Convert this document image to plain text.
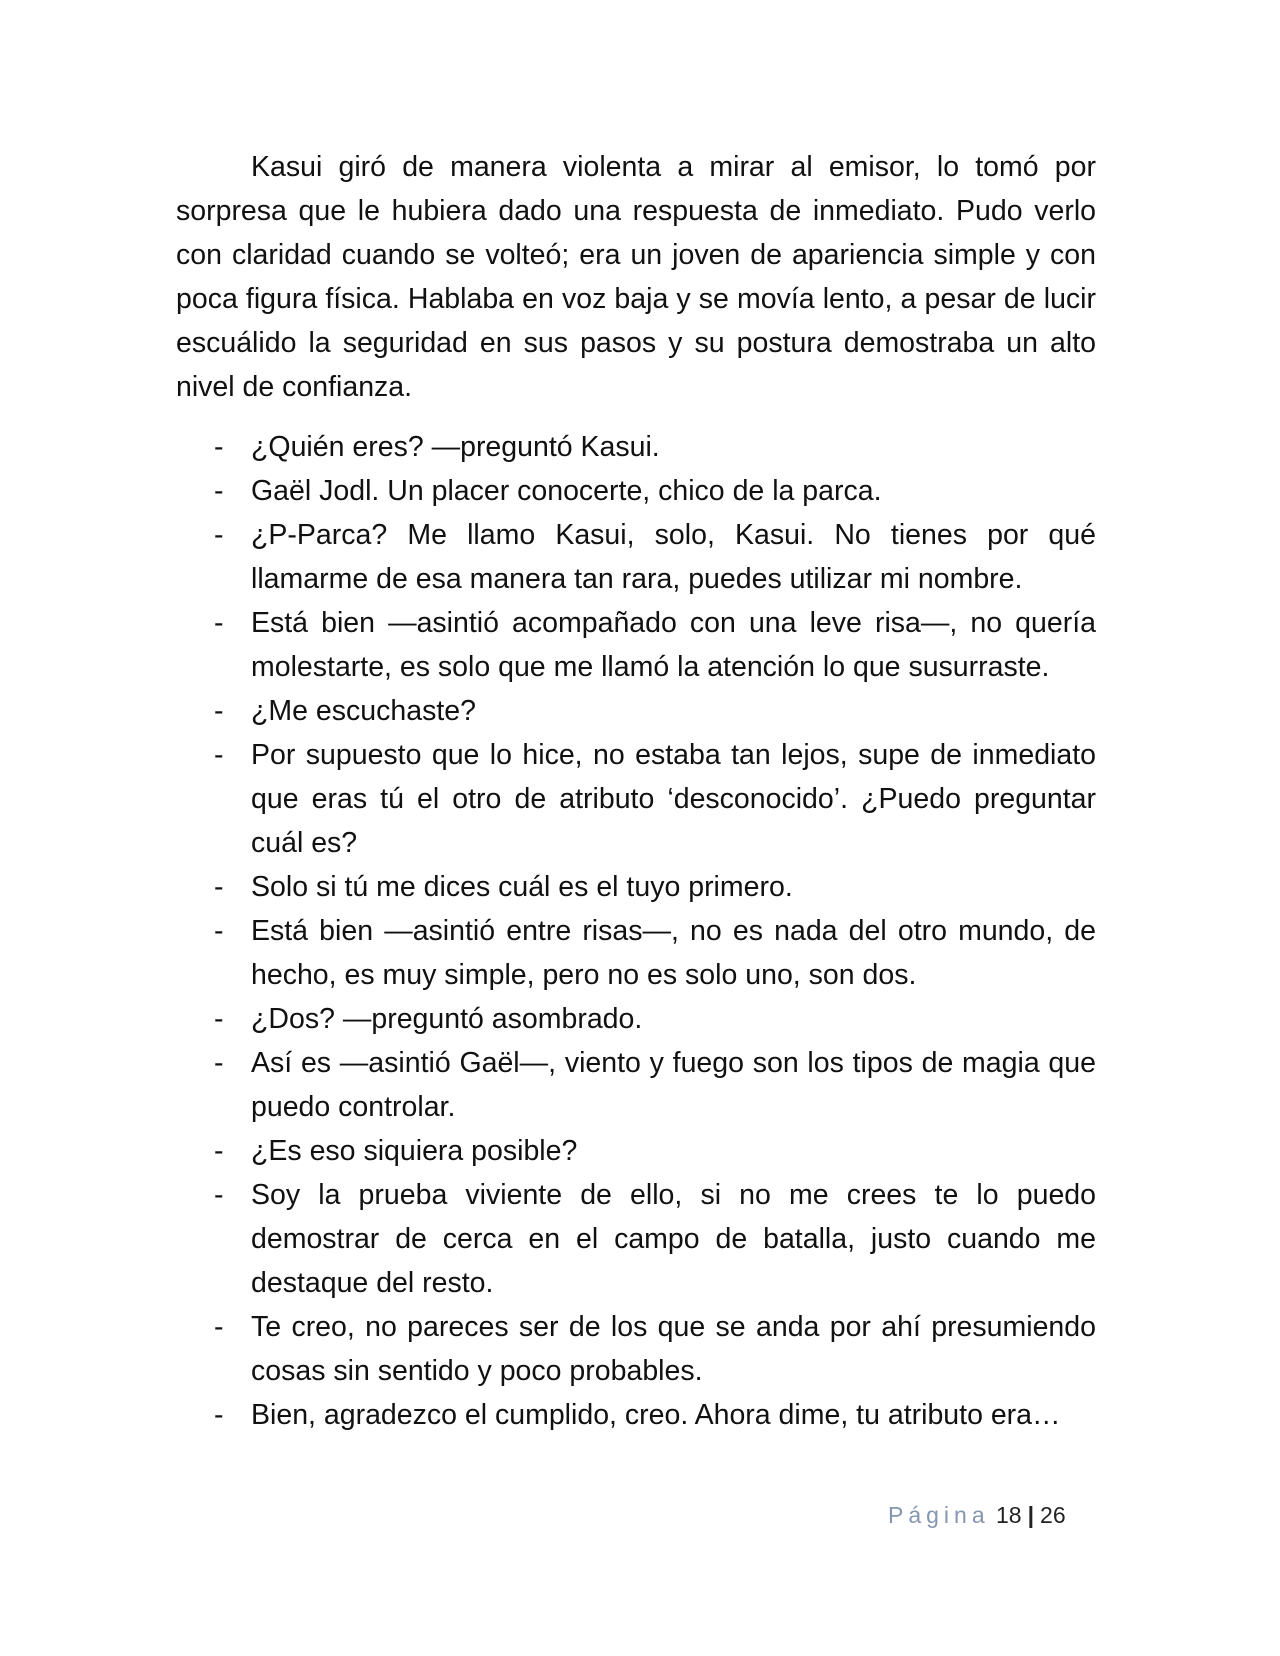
Kasui giró de manera violenta a mirar al emisor, lo tomó por sorpresa que le hubiera dado una respuesta de inmediato. Pudo verlo con claridad cuando se volteó; era un joven de apariencia simple y con poca figura física. Hablaba en voz baja y se movía lento, a pesar de lucir escuálido la seguridad en sus pasos y su postura demostraba un alto nivel de confianza.

- ¿Quién eres? —preguntó Kasui.
- Gaël Jodl. Un placer conocerte, chico de la parca.
- ¿P-Parca? Me llamo Kasui, solo, Kasui. No tienes por qué llamarme de esa manera tan rara, puedes utilizar mi nombre.
- Está bien —asintió acompañado con una leve risa—, no quería molestarte, es solo que me llamó la atención lo que susurraste.
- ¿Me escuchaste?
- Por supuesto que lo hice, no estaba tan lejos, supe de inmediato que eras tú el otro de atributo ‘desconocido’. ¿Puedo preguntar cuál es?
- Solo si tú me dices cuál es el tuyo primero.
- Está bien —asintió entre risas—, no es nada del otro mundo, de hecho, es muy simple, pero no es solo uno, son dos.
- ¿Dos? —preguntó asombrado.
- Así es —asintió Gaël—, viento y fuego son los tipos de magia que puedo controlar.
- ¿Es eso siquiera posible?
- Soy la prueba viviente de ello, si no me crees te lo puedo demostrar de cerca en el campo de batalla, justo cuando me destaque del resto.
- Te creo, no pareces ser de los que se anda por ahí presumiendo cosas sin sentido y poco probables.
- Bien, agradezco el cumplido, creo. Ahora dime, tu atributo era…
Página 18 | 26
